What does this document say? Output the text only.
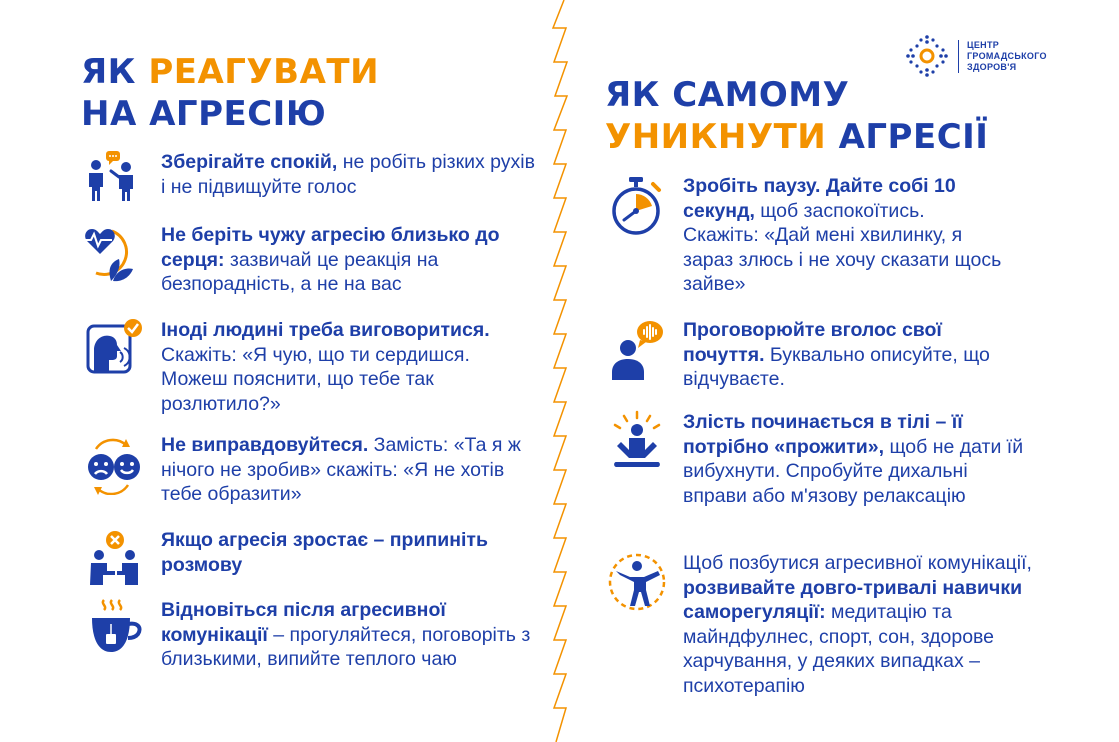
ЦЕНТР
ГРОМАДСЬКОГО
ЗДОРОВ'Я
ЯК РЕАГУВАТИ
НА АГРЕСІЮ	ЯК САМОМУ
УНИКНУТИ АГРЕСІЇ
Зберігайте спокій, не робіть різких рухів і не підвищуйте голос
Не беріть чужу агресію близько до серця: зазвичай це реакція на безпорадність, а не на вас
Іноді людині треба виговоритися. Скажіть: «Я чую, що ти сердишся. Можеш пояснити, що тебе так розлютило?»
Не виправдовуйтеся. Замість: «Та я ж нічого не зробив» скажіть: «Я не хотів тебе образити»
Якщо агресія зростає – припиніть розмову
Відновіться після агресивної комунікації – прогуляйтеся, поговоріть з близькими, випийте теплого чаю
Зробіть паузу. Дайте собі 10 секунд, щоб заспокоїтись. Скажіть: «Дай мені хвилинку, я зараз злюсь і не хочу сказати щось зайве»
Проговорюйте вголос свої почуття. Буквально описуйте, що відчуваєте.
Злість починається в тілі – її потрібно «прожити», щоб не дати їй вибухнути. Спробуйте дихальні вправи або м'язову релаксацію
Щоб позбутися агресивної комунікації, розвивайте довго-тривалі навички саморегуляції: медитацію та майндфулнес, спорт, сон, здорове харчування, у деяких випадках – психотерапію
